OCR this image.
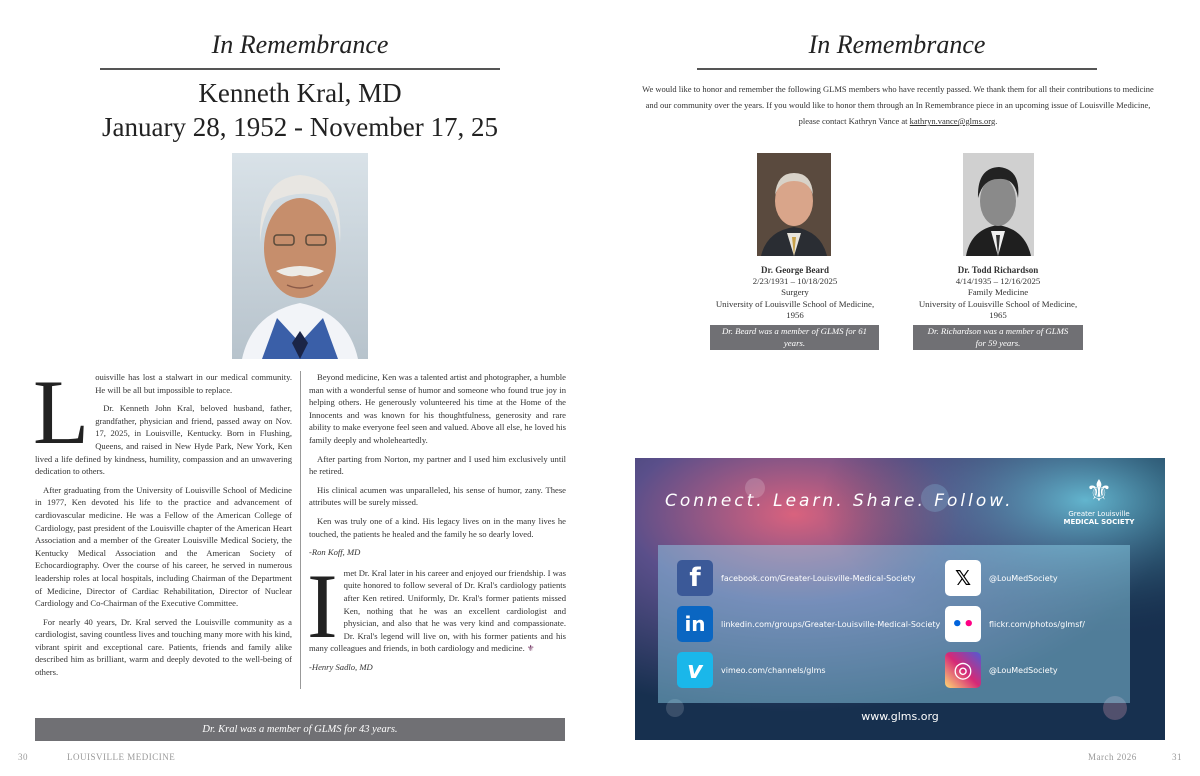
In Remembrance
Kenneth Kral, MD
January 28, 1952 - November 17, 25
L ouisville has lost a stalwart in our medical community. He will be all but impossible to replace.

Dr. Kenneth John Kral, beloved husband, father, grandfather, physician and friend, passed away on Nov. 17, 2025, in Louisville, Kentucky. Born in Flushing, Queens, and raised in New Hyde Park, New York, Ken lived a life defined by kindness, humility, compassion and an unwavering dedication to others.

After graduating from the University of Louisville School of Medicine in 1977, Ken devoted his life to the practice and advancement of cardiovascular medicine. He was a Fellow of the American College of Cardiology, past president of the Louisville chapter of the American Heart Association and a member of the Greater Louisville Medical Society, the Kentucky Medical Association and the American Society of Echocardiography. Over the course of his career, he served in numerous leadership roles at local hospitals, including Chairman of the Department of Medicine, Director of Cardiac Rehabilitation, Director of Nuclear Cardiology and Co-Chairman of the Executive Committee.

For nearly 40 years, Dr. Kral served the Louisville community as a cardiologist, saving countless lives and touching many more with his kind, vibrant spirit and exceptional care. Patients, friends and family alike described him as brilliant, warm and deeply devoted to the well-being of others.

Beyond medicine, Ken was a talented artist and photographer, a humble man with a wonderful sense of humor and someone who found true joy in helping others. He generously volunteered his time at the Home of the Innocents and was known for his thoughtfulness, generosity and rare ability to make everyone feel seen and valued. Above all else, he loved his family deeply and wholeheartedly.

After parting from Norton, my partner and I used him exclusively until he retired.

His clinical acumen was unparalleled, his sense of humor, zany. These attributes will be surely missed.

Ken was truly one of a kind. His legacy lives on in the many lives he touched, the patients he healed and the family he so dearly loved.

-Ron Koff, MD
I met Dr. Kral later in his career and enjoyed our friendship. I was quite honored to follow several of Dr. Kral's cardiology patients after Ken retired. Uniformly, Dr. Kral's former patients missed Ken, nothing that he was an excellent cardiologist and physician, and also that he was very kind and compassionate. Dr. Kral's legend will live on, with his former patients and his many colleagues and friends, in both cardiology and medicine. ⚜

-Henry Sadlo, MD
Dr. Kral was a member of GLMS for 43 years.
30	LOUISVILLE MEDICINE
In Remembrance
We would like to honor and remember the following GLMS members who have recently passed. We thank them for all their contributions to medicine and our community over the years. If you would like to honor them through an In Remembrance piece in an upcoming issue of Louisville Medicine, please contact Kathryn Vance at kathryn.vance@glms.org.
Dr. George Beard
2/23/1931 – 10/18/2025
Surgery
University of Louisville School of Medicine,
1956
Dr. Beard was a member of GLMS for 61 years.
Dr. Todd Richardson
4/14/1935 – 12/16/2025
Family Medicine
University of Louisville School of Medicine,
1965
Dr. Richardson was a member of GLMS for 59 years.
Connect. Learn. Share. Follow.	⚜
Greater Louisville
MEDICAL SOCIETY
f	facebook.com/Greater-Louisville-Medical-Society
in	linkedin.com/groups/Greater-Louisville-Medical-Society
v	vimeo.com/channels/glms
𝕏	@LouMedSociety
• • flickr.com/photos/glmsf/
◎	@LouMedSociety
www.glms.org
March 2026	31
